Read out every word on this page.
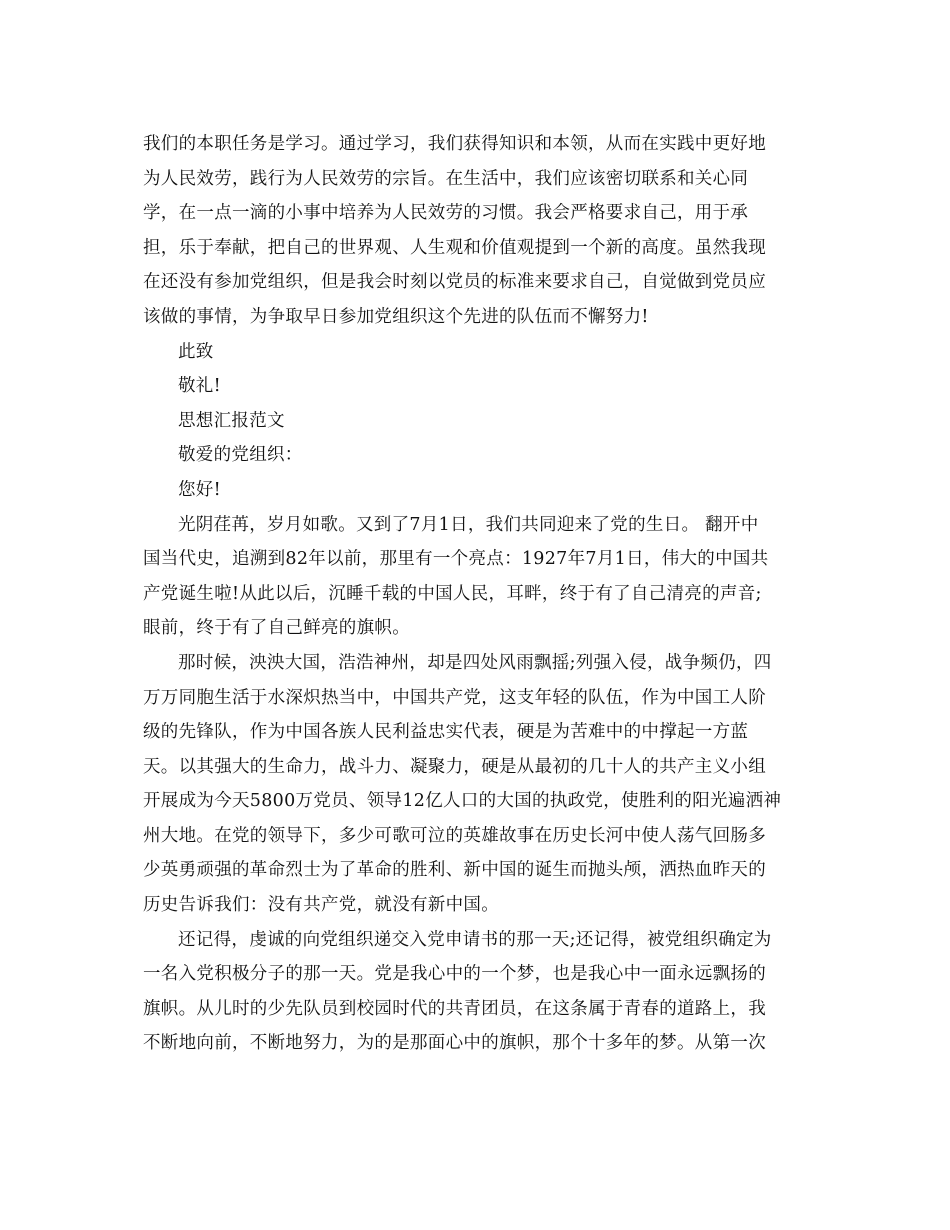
我们的本职任务是学习。通过学习，我们获得知识和本领，从而在实践中更好地
为人民效劳，践行为人民效劳的宗旨。在生活中，我们应该密切联系和关心同
学，在一点一滴的小事中培养为人民效劳的习惯。我会严格要求自己，用于承
担，乐于奉献，把自己的世界观、人生观和价值观提到一个新的高度。虽然我现
在还没有参加党组织，但是我会时刻以党员的标准来要求自己，自觉做到党员应
该做的事情，为争取早日参加党组织这个先进的队伍而不懈努力!
此致
敬礼!
思想汇报范文
敬爱的党组织：
您好!
光阴荏苒，岁月如歌。又到了7月1日，我们共同迎来了党的生日。 翻开中
国当代史，追溯到82年以前，那里有一个亮点：1927年7月1日，伟大的中国共
产党诞生啦!从此以后，沉睡千载的中国人民，耳畔，终于有了自己清亮的声音;
眼前，终于有了自己鲜亮的旗帜。
那时候，泱泱大国，浩浩神州，却是四处风雨飘摇;列强入侵，战争频仍，四
万万同胞生活于水深炽热当中，中国共产党，这支年轻的队伍，作为中国工人阶
级的先锋队，作为中国各族人民利益忠实代表，硬是为苦难中的中撑起一方蓝
天。以其强大的生命力，战斗力、凝聚力，硬是从最初的几十人的共产主义小组
开展成为今天5800万党员、领导12亿人口的大国的执政党，使胜利的阳光遍洒神
州大地。在党的领导下，多少可歌可泣的英雄故事在历史长河中使人荡气回肠多
少英勇顽强的革命烈士为了革命的胜利、新中国的诞生而抛头颅，洒热血昨天的
历史告诉我们：没有共产党，就没有新中国。
还记得，虔诚的向党组织递交入党申请书的那一天;还记得，被党组织确定为
一名入党积极分子的那一天。党是我心中的一个梦，也是我心中一面永远飘扬的
旗帜。从儿时的少先队员到校园时代的共青团员，在这条属于青春的道路上，我
不断地向前，不断地努力，为的是那面心中的旗帜，那个十多年的梦。从第一次
